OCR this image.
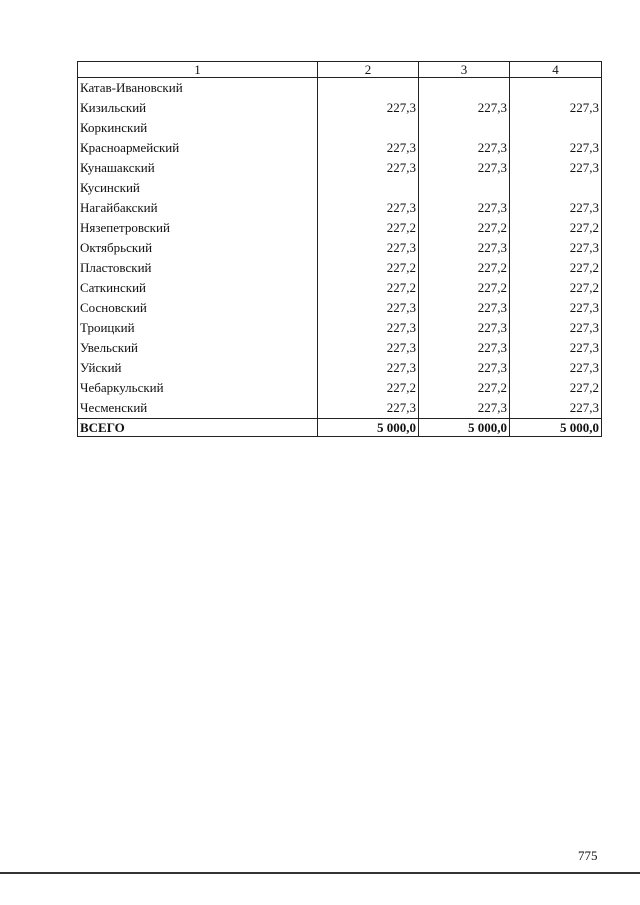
1	2	3	4
Катав-Ивановский			
Кизильский	227,3	227,3	227,3
Коркинский			
Красноармейский	227,3	227,3	227,3
Кунашакский	227,3	227,3	227,3
Кусинский			
Нагайбакский	227,3	227,3	227,3
Нязепетровский	227,2	227,2	227,2
Октябрьский	227,3	227,3	227,3
Пластовский	227,2	227,2	227,2
Саткинский	227,2	227,2	227,2
Сосновский	227,3	227,3	227,3
Троицкий	227,3	227,3	227,3
Увельский	227,3	227,3	227,3
Уйский	227,3	227,3	227,3
Чебаркульский	227,2	227,2	227,2
Чесменский	227,3	227,3	227,3
ВСЕГО	5 000,0	5 000,0	5 000,0
775
